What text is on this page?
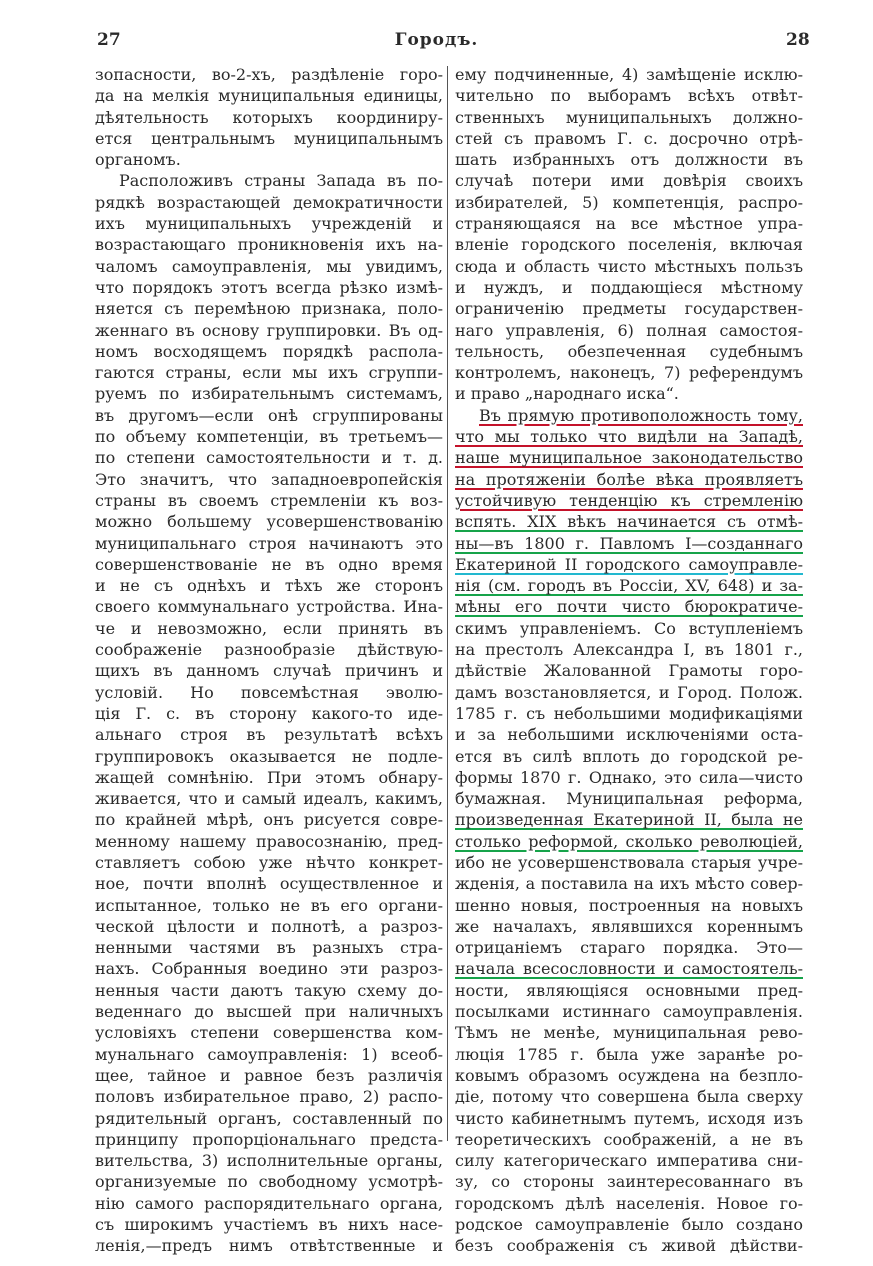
27	Городъ.	28
зопасности, во-2-хъ, раздѣленіе горо-
да на мелкія муниципальныя единицы,
дѣятельность которыхъ координиру-
ется центральнымъ муниципальнымъ
органомъ.
Расположивъ страны Запада въ по-
рядкѣ возрастающей демократичности
ихъ муниципальныхъ учрежденій и
возрастающаго проникновенія ихъ на-
чаломъ самоуправленія, мы увидимъ,
что порядокъ этотъ всегда рѣзко измѣ-
няется съ перемѣною признака, поло-
женнаго въ основу группировки. Въ од-
номъ восходящемъ порядкѣ распола-
гаются страны, если мы ихъ сгруппи-
руемъ по избирательнымъ системамъ,
въ другомъ—если онѣ сгруппированы
по объему компетенціи, въ третьемъ—
по степени самостоятельности и т. д.
Это значитъ, что западноевропейскія
страны въ своемъ стремленіи къ воз-
можно большему усовершенствованію
муниципальнаго строя начинаютъ это
совершенствованіе не въ одно время
и не съ однѣхъ и тѣхъ же сторонъ
своего коммунальнаго устройства. Ина-
че и невозможно, если принять въ
соображеніе разнообразіе дѣйствую-
щихъ въ данномъ случаѣ причинъ и
условій. Но повсемѣстная эволю-
ція Г. с. въ сторону какого-то иде-
альнаго строя въ результатѣ всѣхъ
группировокъ оказывается не подле-
жащей сомнѣнію. При этомъ обнару-
живается, что и самый идеалъ, какимъ,
по крайней мѣрѣ, онъ рисуется совре-
менному нашему правосознанію, пред-
ставляетъ собою уже нѣчто конкрет-
ное, почти вполнѣ осуществленное и
испытанное, только не въ его органи-
ческой цѣлости и полнотѣ, а разроз-
ненными частями въ разныхъ стра-
нахъ. Собранныя воедино эти разроз-
ненныя части даютъ такую схему до-
веденнаго до высшей при наличныхъ
условіяхъ степени совершенства ком-
мунальнаго самоуправленія: 1) всеоб-
щее, тайное и равное безъ различія
половъ избирательное право, 2) распо-
рядительный органъ, составленный по
принципу пропорціональнаго предста-
вительства, 3) исполнительные органы,
организуемые по свободному усмотрѣ-
нію самого распорядительнаго органа,
съ широкимъ участіемъ въ нихъ насе-
ленія,—предъ нимъ отвѣтственные и
ему подчиненные, 4) замѣщеніе исклю-
чительно по выборамъ всѣхъ отвѣт-
ственныхъ муниципальныхъ должно-
стей съ правомъ Г. с. досрочно отрѣ-
шать избранныхъ отъ должности въ
случаѣ потери ими довѣрія своихъ
избирателей, 5) компетенція, распро-
страняющаяся на все мѣстное упра-
вленіе городского поселенія, включая
сюда и область чисто мѣстныхъ пользъ
и нуждъ, и поддающіеся мѣстному
ограниченію предметы государствен-
наго управленія, 6) полная самостоя-
тельность, обезпеченная судебнымъ
контролемъ, наконецъ, 7) референдумъ
и право „народнаго иска“.
Въ прямую противоположность тому,
что мы только что видѣли на Западѣ,
наше муниципальное законодательство
на протяженіи болѣе вѣка проявляетъ
устойчивую тенденцію къ стремленію
вспять. XIX вѣкъ начинается съ отмѣ-
ны—въ 1800 г. Павломъ I—созданнаго
Екатериной II городского самоуправле-
нія (см. городъ въ Россіи, XV, 648) и за-
мѣны его почти чисто бюрократиче-
скимъ управленіемъ. Со вступленіемъ
на престолъ Александра I, въ 1801 г.,
дѣйствіе Жалованной Грамоты горо-
дамъ возстановляется, и Город. Полож.
1785 г. съ небольшими модификаціями
и за небольшими исключеніями оста-
ется въ силѣ вплоть до городской ре-
формы 1870 г. Однако, это сила—чисто
бумажная. Муниципальная реформа,
произведенная Екатериной II, была не
столько реформой, сколько революціей,
ибо не усовершенствовала старыя учре-
жденія, а поставила на ихъ мѣсто совер-
шенно новыя, построенныя на новыхъ
же началахъ, являвшихся кореннымъ
отрицаніемъ стараго порядка. Это—
начала всесословности и самостоятель-
ности, являющіяся основными пред-
посылками истиннаго самоуправленія.
Тѣмъ не менѣе, муниципальная рево-
люція 1785 г. была уже заранѣе ро-
ковымъ образомъ осуждена на безпло-
діе, потому что совершена была сверху
чисто кабинетнымъ путемъ, исходя изъ
теоретическихъ соображеній, а не въ
силу категорическаго императива сни-
зу, со стороны заинтересованнаго въ
городскомъ дѣлѣ населенія. Новое го-
родское самоуправленіе было создано
безъ соображенія съ живой дѣйстви-
